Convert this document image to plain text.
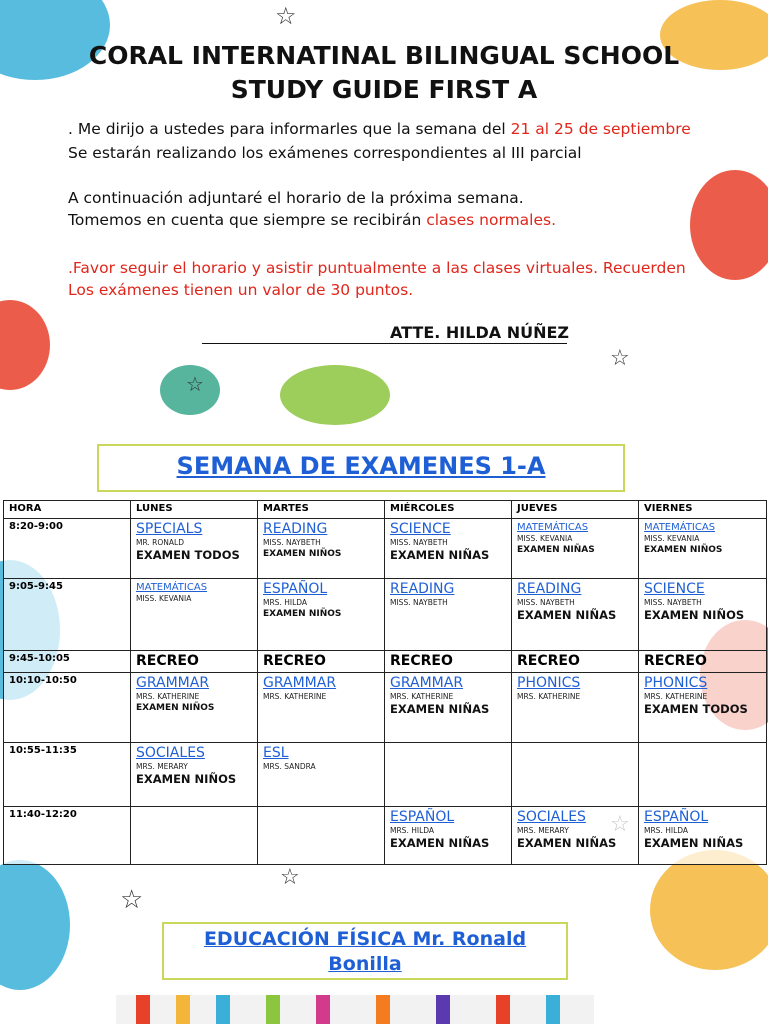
☆
☆
☆
☆
☆
230092719
CORAL INTERNATINAL BILINGUAL SCHOOL
STUDY GUIDE FIRST A
. Me dirijo a ustedes para informarles que la semana del 21 al 25 de septiembre
Se estarán realizando los exámenes correspondientes al III parcial
A continuación adjuntaré el horario de la próxima semana.
Tomemos en cuenta que siempre se recibirán clases normales.
.Favor seguir el horario y asistir puntualmente a las clases virtuales. Recuerden
Los exámenes tienen un valor de 30 puntos.
ATTE. HILDA NÚÑEZ
SEMANA DE EXAMENES 1-A
HORA	LUNES	MARTES	MIÉRCOLES	JUEVES	VIERNES
8:20-9:00	SPECIALS
MR. RONALD
EXAMEN TODOS	READING
MISS. NAYBETH
EXAMEN NIÑOS	SCIENCE
MISS. NAYBETH
EXAMEN NIÑAS	MATEMÁTICAS
MISS. KEVANIA
EXAMEN NIÑAS	MATEMÁTICAS
MISS. KEVANIA
EXAMEN NIÑOS

9:05-9:45	MATEMÁTICAS
MISS. KEVANIA	ESPAÑOL
MRS. HILDA
EXAMEN NIÑOS	READING
MISS. NAYBETH	READING
MISS. NAYBETH
EXAMEN NIÑAS	SCIENCE
MISS. NAYBETH
EXAMEN NIÑOS

9:45-10:05	RECREO	RECREO	RECREO	RECREO	RECREO
10:10-10:50	GRAMMAR
MRS. KATHERINE
EXAMEN NIÑOS	GRAMMAR
MRS. KATHERINE	GRAMMAR
MRS. KATHERINE
EXAMEN NIÑAS	PHONICS
MRS. KATHERINE	PHONICS
MRS. KATHERINE
EXAMEN TODOS

10:55-11:35	SOCIALES
MRS. MERARY
EXAMEN NIÑOS	ESL
MRS. SANDRA			

11:40-12:20			ESPAÑOL
MRS. HILDA
EXAMEN NIÑAS	SOCIALES
MRS. MERARY
EXAMEN NIÑAS	ESPAÑOL
MRS. HILDA
EXAMEN NIÑAS
EDUCACIÓN FÍSICA Mr. Ronald
Bonilla
